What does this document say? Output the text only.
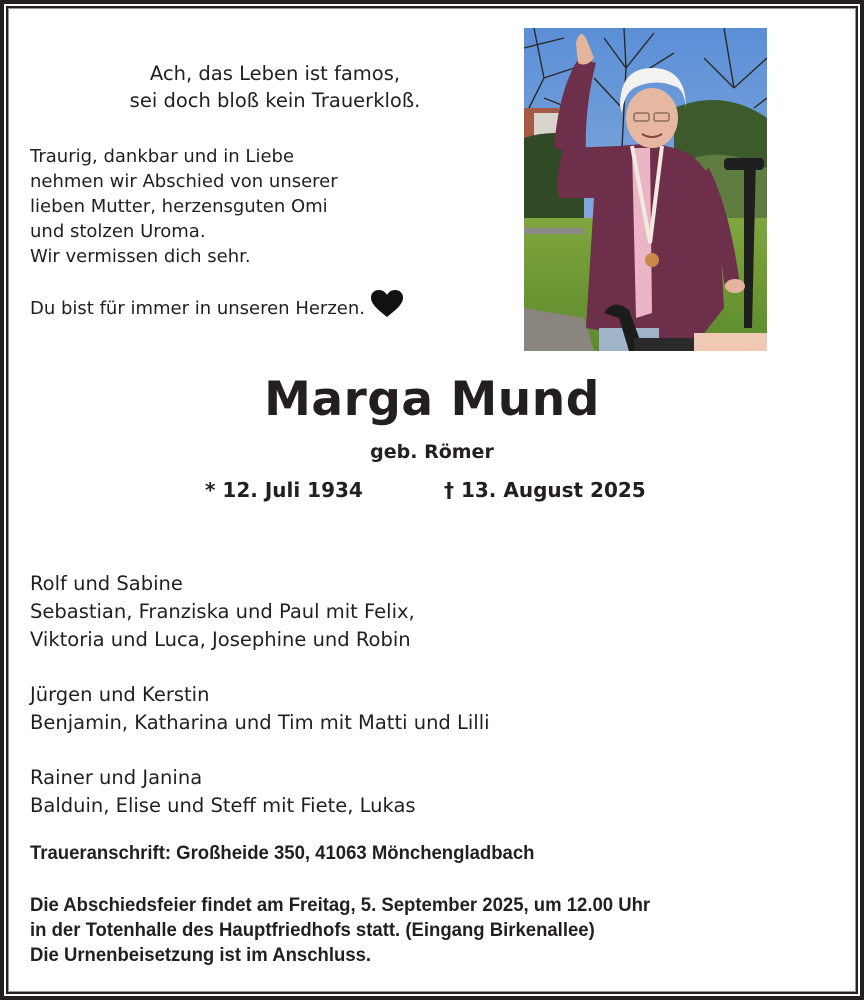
Ach, das Leben ist famos,
sei doch bloß kein Trauerkloß.
Traurig, dankbar und in Liebe
nehmen wir Abschied von unserer
lieben Mutter, herzensguten Omi
und stolzen Uroma.
Wir vermissen dich sehr.
Du bist für immer in unseren Herzen.
Marga Mund
geb. Römer
* 12. Juli 1934	† 13. August 2025
Rolf und Sabine
Sebastian, Franziska und Paul mit Felix,
Viktoria und Luca, Josephine und Robin
Jürgen und Kerstin
Benjamin, Katharina und Tim mit Matti und Lilli
Rainer und Janina
Balduin, Elise und Steff mit Fiete, Lukas
Traueranschrift: Großheide 350, 41063 Mönchengladbach
Die Abschiedsfeier findet am Freitag, 5. September 2025, um 12.00 Uhr
in der Totenhalle des Hauptfriedhofs statt. (Eingang Birkenallee)
Die Urnenbeisetzung ist im Anschluss.
